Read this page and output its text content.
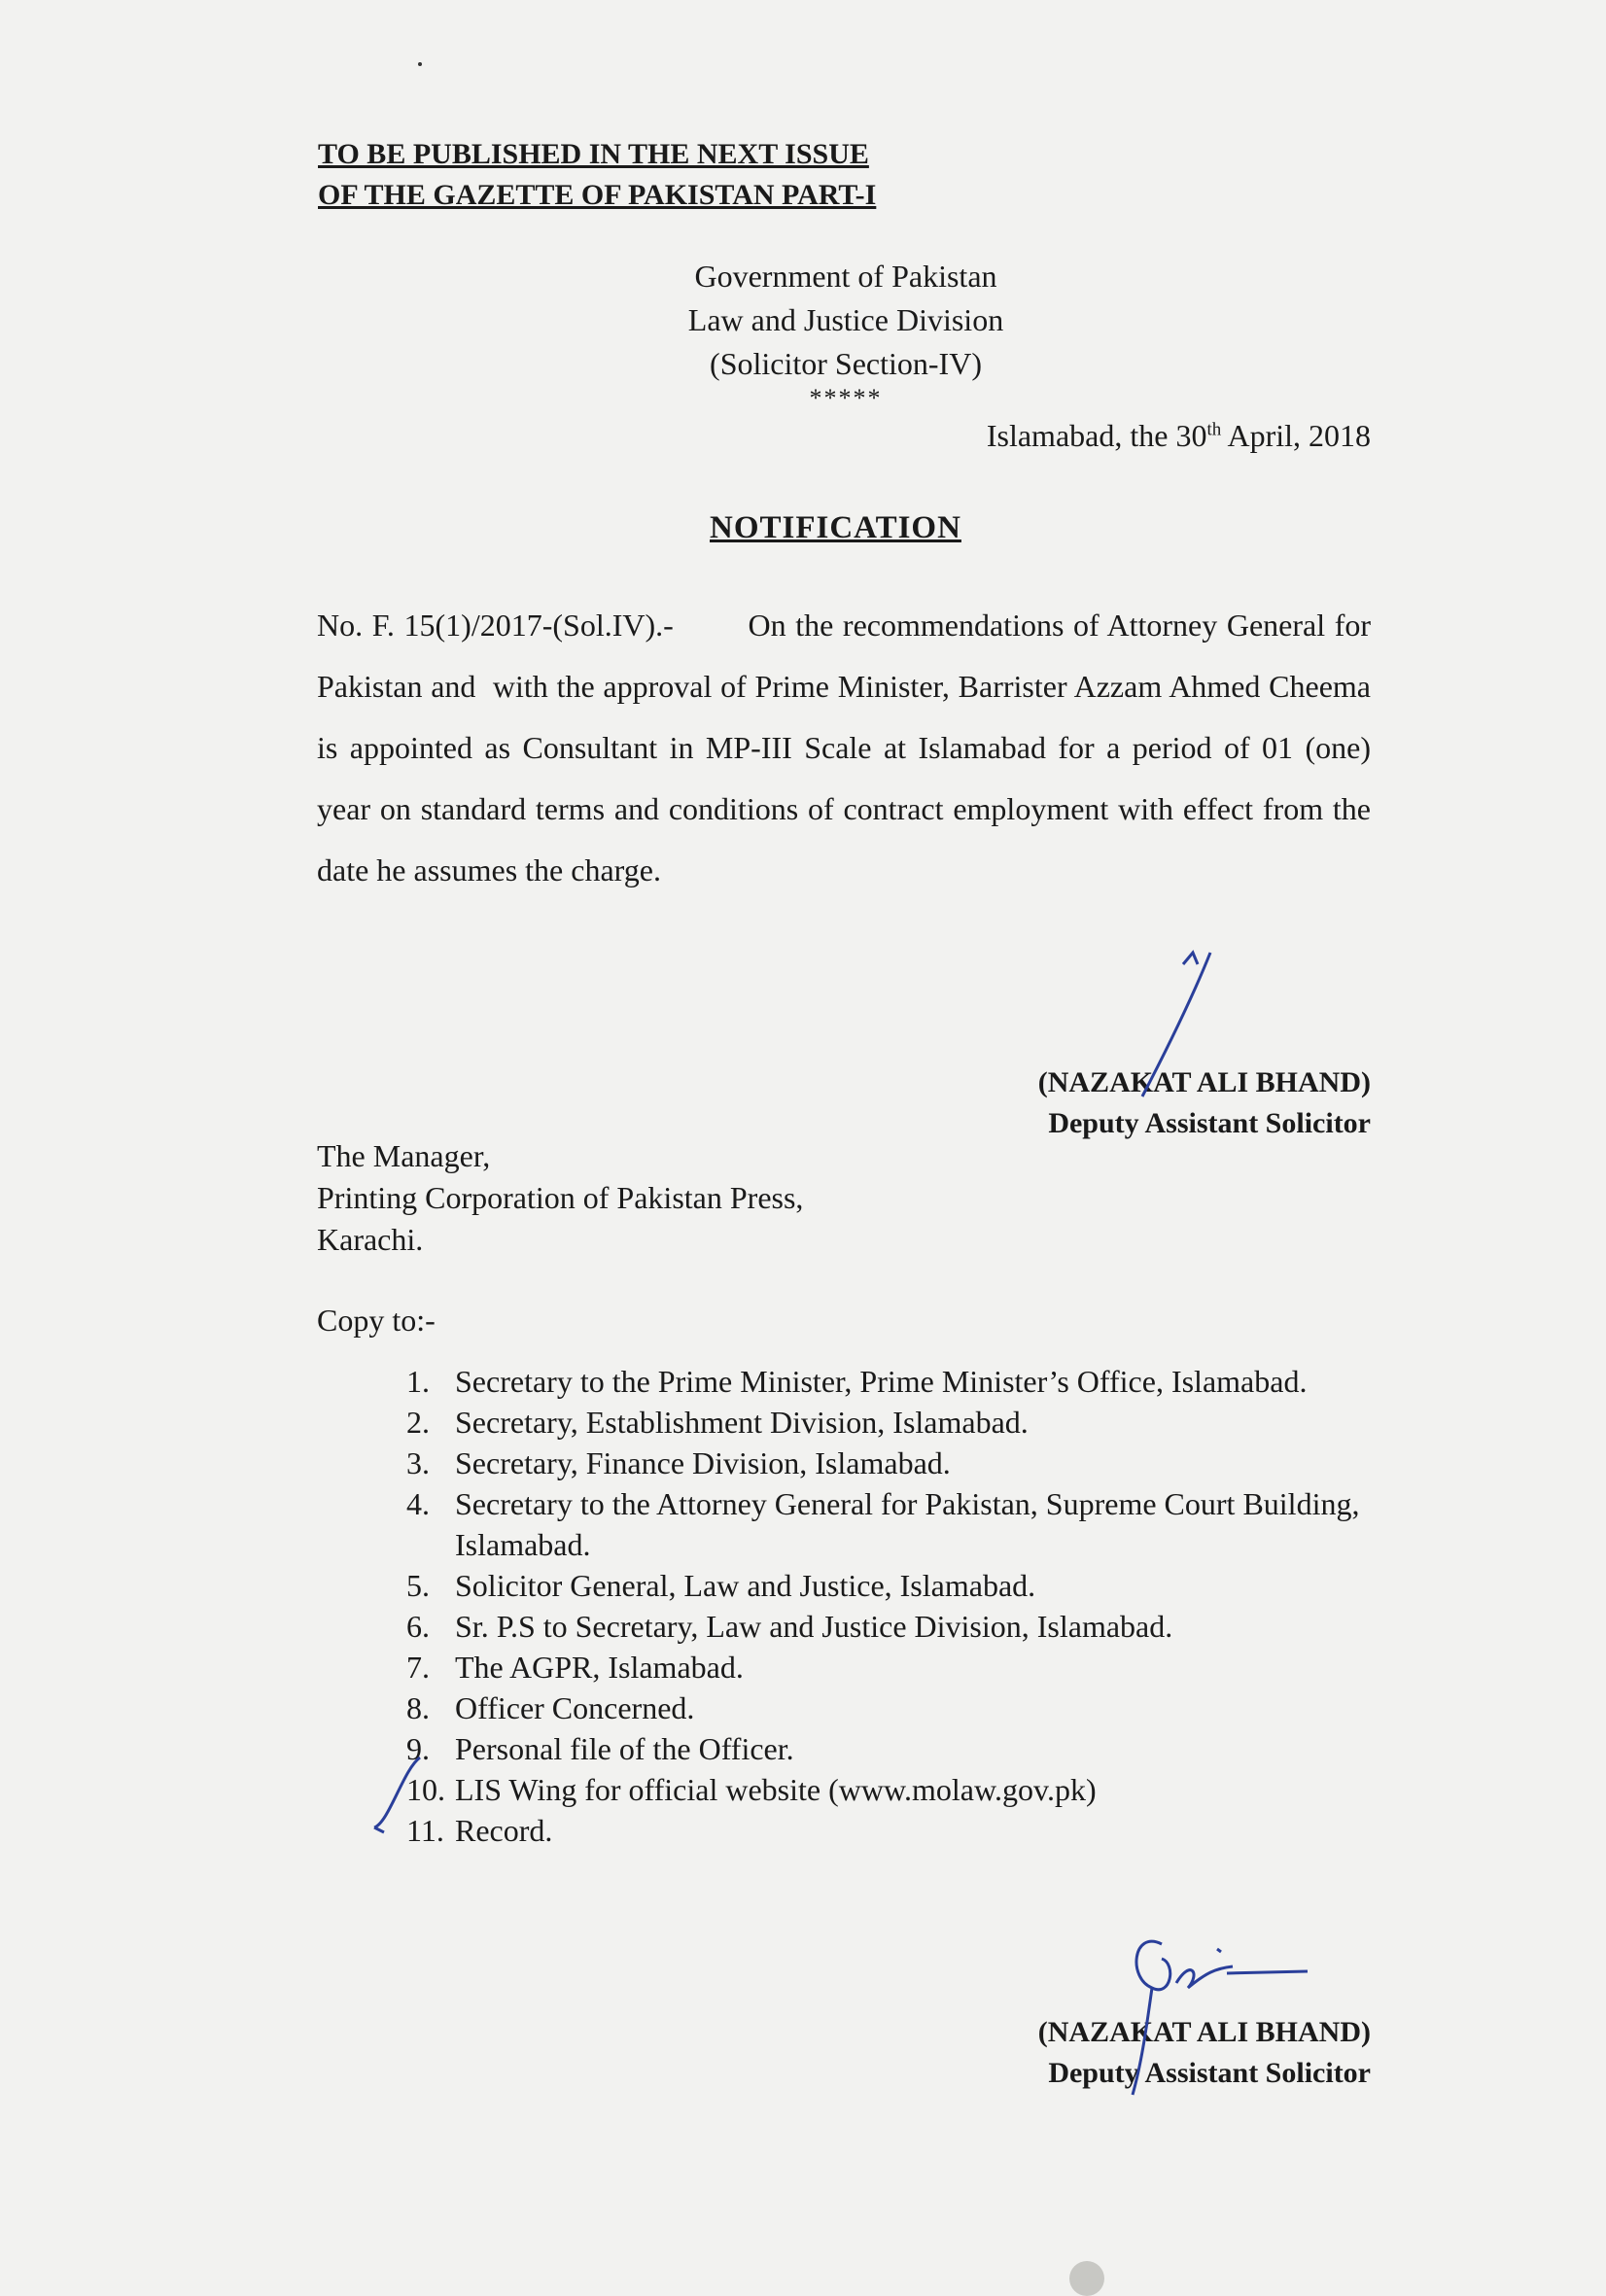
TO BE PUBLISHED IN THE NEXT ISSUE
OF THE GAZETTE OF PAKISTAN PART-I
Government of Pakistan
Law and Justice Division
(Solicitor Section-IV)
*****
Islamabad, the 30th April, 2018
NOTIFICATION
No. F. 15(1)/2017-(Sol.IV).-        On the recommendations of Attorney General for Pakistan and  with the approval of Prime Minister, Barrister Azzam Ahmed Cheema is appointed as Consultant in MP-III Scale at Islamabad for a period of 01 (one) year on standard terms and conditions of contract employment with effect from the date he assumes the charge.
(NAZAKAT ALI BHAND)
Deputy Assistant Solicitor
The Manager,
Printing Corporation of Pakistan Press,
Karachi.
Copy to:-
1. Secretary to the Prime Minister, Prime Minister’s Office, Islamabad.
2. Secretary, Establishment Division, Islamabad.
3. Secretary, Finance Division, Islamabad.
4. Secretary to the Attorney General for Pakistan, Supreme Court Building, Islamabad.
5. Solicitor General, Law and Justice, Islamabad.
6. Sr. P.S to Secretary, Law and Justice Division, Islamabad.
7. The AGPR, Islamabad.
8. Officer Concerned.
9. Personal file of the Officer.
10. LIS Wing for official website (www.molaw.gov.pk)
11. Record.
(NAZAKAT ALI BHAND)
Deputy Assistant Solicitor
